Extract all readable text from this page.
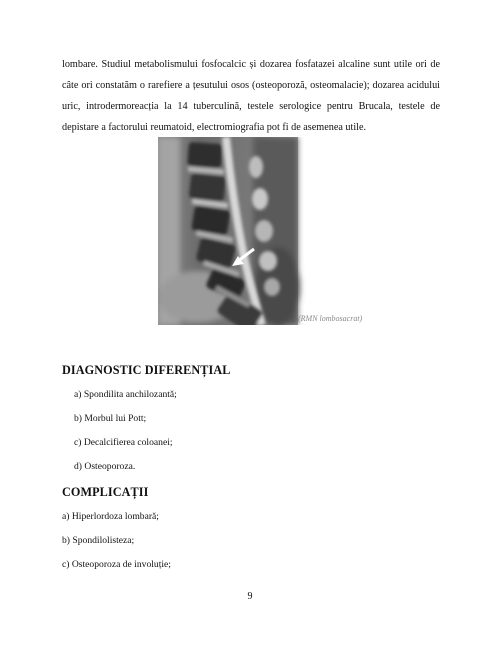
lombare. Studiul metabolismului fosfocalcic și dozarea fosfatazei alcaline sunt utile ori de câte ori constatăm o rarefiere a țesutului osos (osteoporoză, osteomalacie); dozarea acidului uric, introdermoreacția la 14 tuberculină, testele serologice pentru Brucala, testele de depistare a factorului reumatoid, electromiografia pot fi de asemenea utile.

(RMN lombosacrat)
DIAGNOSTIC DIFERENȚIAL
a) Spondilita anchilozantă;
b) Morbul lui Pott;
c) Decalcifierea coloanei;
d) Osteoporoza.
COMPLICAȚII
a) Hiperlordoza lombară;
b) Spondilolisteza;
c) Osteoporoza de involuție;
9
